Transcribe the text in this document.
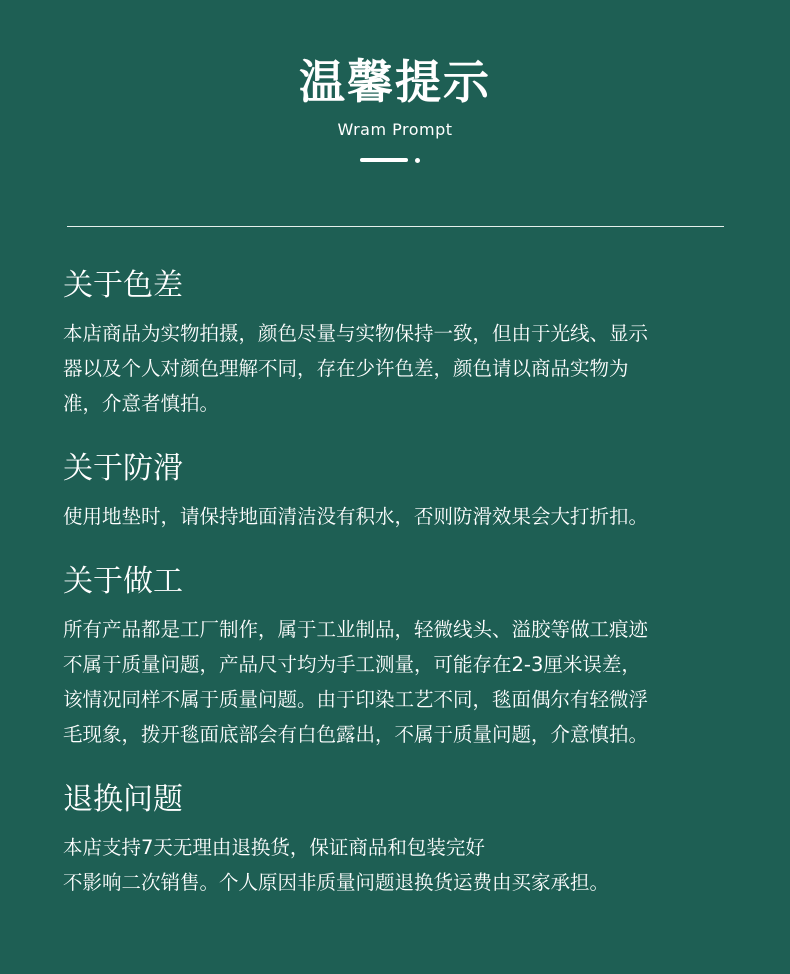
温馨提示
Wram Prompt
关于色差

本店商品为实物拍摄，颜色尽量与实物保持一致，但由于光线、显示
器以及个人对颜色理解不同，存在少许色差，颜色请以商品实物为
准，介意者慎拍。

关于防滑

使用地垫时，请保持地面清洁没有积水，否则防滑效果会大打折扣。

关于做工

所有产品都是工厂制作，属于工业制品，轻微线头、溢胶等做工痕迹
不属于质量问题，产品尺寸均为手工测量，可能存在2-3厘米误差，
该情况同样不属于质量问题。由于印染工艺不同，毯面偶尔有轻微浮
毛现象，拨开毯面底部会有白色露出，不属于质量问题，介意慎拍。

退换问题

本店支持7天无理由退换货，保证商品和包装完好
不影响二次销售。个人原因非质量问题退换货运费由买家承担。
